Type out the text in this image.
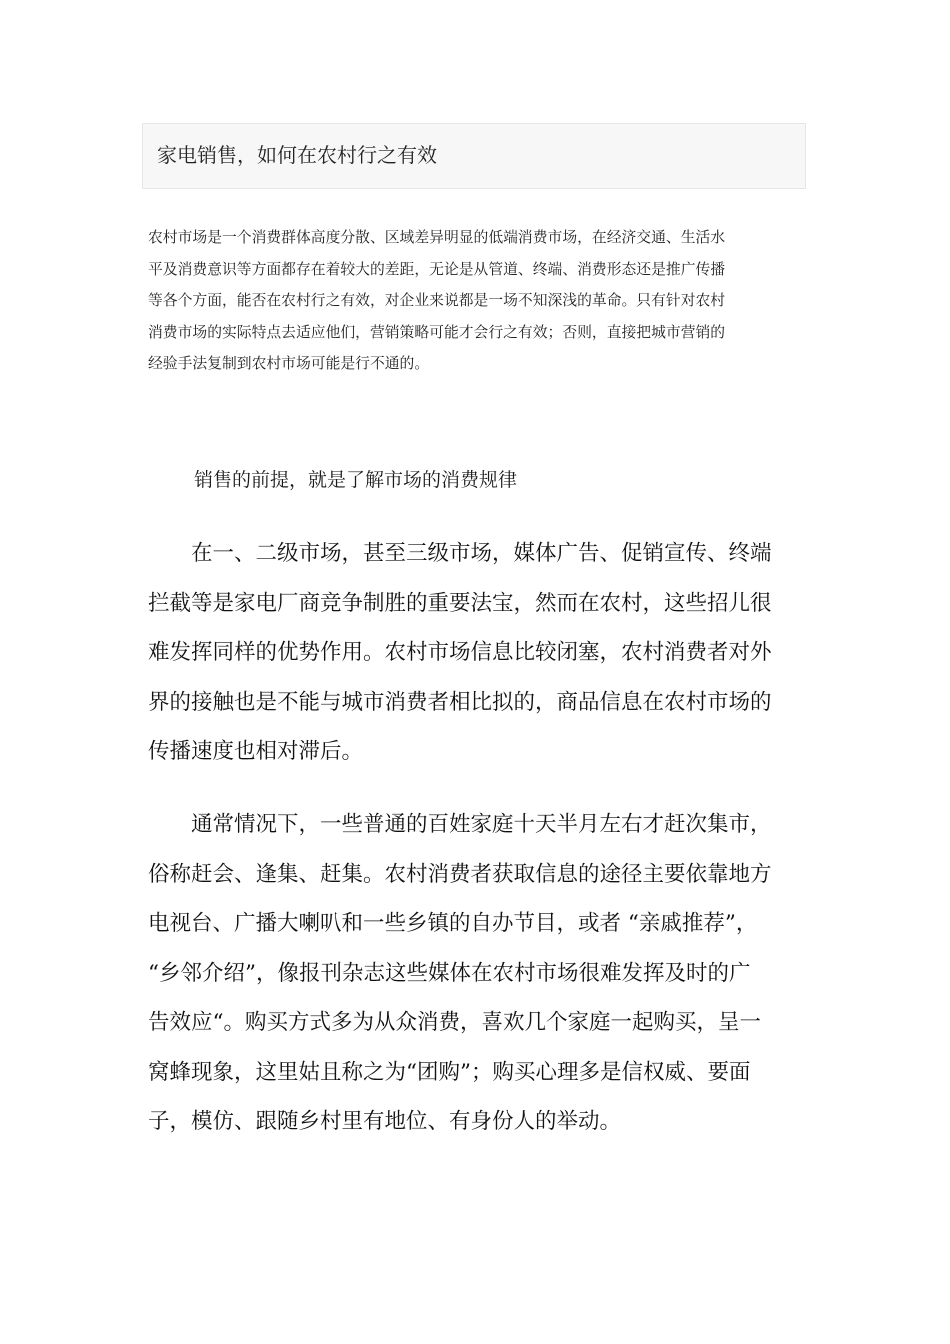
家电销售，如何在农村行之有效
农村市场是一个消费群体高度分散、区域差异明显的低端消费市场，在经济交通、生活水
平及消费意识等方面都存在着较大的差距，无论是从管道、终端、消费形态还是推广传播
等各个方面，能否在农村行之有效，对企业来说都是一场不知深浅的革命。只有针对农村
消费市场的实际特点去适应他们，营销策略可能才会行之有效；否则，直接把城市营销的
经验手法复制到农村市场可能是行不通的。
销售的前提，就是了解市场的消费规律
　　在一、二级市场，甚至三级市场，媒体广告、促销宣传、终端
拦截等是家电厂商竞争制胜的重要法宝，然而在农村，这些招儿很
难发挥同样的优势作用。农村市场信息比较闭塞，农村消费者对外
界的接触也是不能与城市消费者相比拟的，商品信息在农村市场的
传播速度也相对滞后。
　　通常情况下，一些普通的百姓家庭十天半月左右才赶次集市，
俗称赶会、逢集、赶集。农村消费者获取信息的途径主要依靠地方
电视台、广播大喇叭和一些乡镇的自办节目，或者 “亲戚推荐”，
“乡邻介绍”，像报刊杂志这些媒体在农村市场很难发挥及时的广
告效应“。购买方式多为从众消费，喜欢几个家庭一起购买，呈一
窝蜂现象，这里姑且称之为“团购”；购买心理多是信权威、要面
子，模仿、跟随乡村里有地位、有身份人的举动。
